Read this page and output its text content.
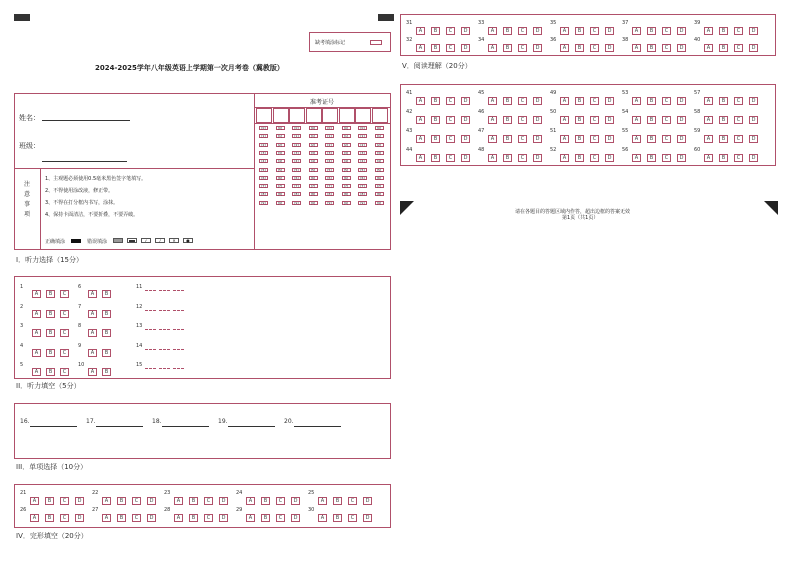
缺考填涂标记
2024-2025学年八年级英语上学期第一次月考卷（冀教版）
姓名：
班级：
注
意
事
项
1、主观题必须使用0.5毫米黑色签字笔填写。
2、不得使用涂改液，修正带。
3、不得在打分框内书写，涂抹。
4、保持卡面清洁，不要折叠，不要弄破。
正确填涂	错误填涂	✓	∕	✕	●
准考证号
[0]
[1]
[2]
[3]
[4]
[5]
[6]
[7]
[8]
[9]
[0]
[1]
[2]
[3]
[4]
[5]
[6]
[7]
[8]
[9]
[0]
[1]
[2]
[3]
[4]
[5]
[6]
[7]
[8]
[9]
[0]
[1]
[2]
[3]
[4]
[5]
[6]
[7]
[8]
[9]
[0]
[1]
[2]
[3]
[4]
[5]
[6]
[7]
[8]
[9]
[0]
[1]
[2]
[3]
[4]
[5]
[6]
[7]
[8]
[9]
[0]
[1]
[2]
[3]
[4]
[5]
[6]
[7]
[8]
[9]
[0]
[1]
[2]
[3]
[4]
[5]
[6]
[7]
[8]
[9]
I．听力选择（15分）
1
A	B	C
2
A	B	C
3
A	B	C
4
A	B	C
5
A	B	C
6
A	B
7
A	B
8
A	B
9
A	B
10
A	B
11
12
13
14
15
II．听力填空（5分）
16.	17.	18.	19.	20.
III．单项选择（10分）
21
A	B	C	D
22
A	B	C	D
23
A	B	C	D
24
A	B	C	D
25
A	B	C	D
26
A	B	C	D
27
A	B	C	D
28
A	B	C	D
29
A	B	C	D
30
A	B	C	D
IV．完形填空（20分）
31
A	B	C	D
33
A	B	C	D
35
A	B	C	D
37
A	B	C	D
39
A	B	C	D
32
A	B	C	D
34
A	B	C	D
36
A	B	C	D
38
A	B	C	D
40
A	B	C	D
V．阅读理解（20分）
41
A	B	C	D
45
A	B	C	D
49
A	B	C	D
53
A	B	C	D
57
A	B	C	D
42
A	B	C	D
46
A	B	C	D
50
A	B	C	D
54
A	B	C	D
58
A	B	C	D
43
A	B	C	D
47
A	B	C	D
51
A	B	C	D
55
A	B	C	D
59
A	B	C	D
44
A	B	C	D
48
A	B	C	D
52
A	B	C	D
56
A	B	C	D
60
A	B	C	D
请在各题目的答题区域内作答，超出边框的答案无效
第1页（共1页）
